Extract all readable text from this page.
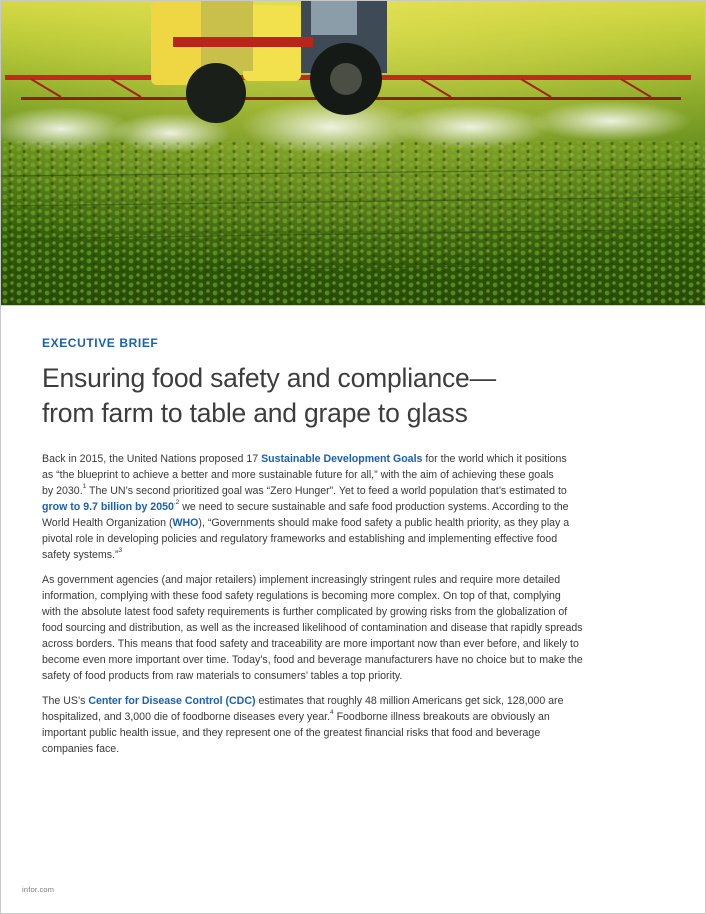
EXECUTIVE BRIEF

Ensuring food safety and compliance—
from farm to table and grape to glass

Back in 2015, the United Nations proposed 17 Sustainable Development Goals for the world which it positions
as “the blueprint to achieve a better and more sustainable future for all,” with the aim of achieving these goals
by 2030.$^1$ The UN’s second prioritized goal was “Zero Hunger”. Yet to feed a world population that’s estimated to
grow to 9.7 billion by $2050^{,2}$ we need to secure sustainable and safe food production systems. According to the
World Health Organization (WHO), “Governments should make food safety a public health priority, as they play a
pivotal role in developing policies and regulatory frameworks and establishing and implementing effective food
safety systems.”$^3$

As government agencies (and major retailers) implement increasingly stringent rules and require more detailed
information, complying with these food safety regulations is becoming more complex. On top of that, complying
with the absolute latest food safety requirements is further complicated by growing risks from the globalization of
food sourcing and distribution, as well as the increased likelihood of contamination and disease that rapidly spreads
across borders. This means that food safety and traceability are more important now than ever before, and likely to
become even more important over time. Today’s, food and beverage manufacturers have no choice but to make the
safety of food products from raw materials to consumers’ tables a top priority.

The US’s Center for Disease Control (CDC) estimates that roughly 48 million Americans get sick, 128,000 are
hospitalized, and 3,000 die of foodborne diseases every year.$^4$ Foodborne illness breakouts are obviously an
important public health issue, and they represent one of the greatest financial risks that food and beverage
companies face.

infor.com
